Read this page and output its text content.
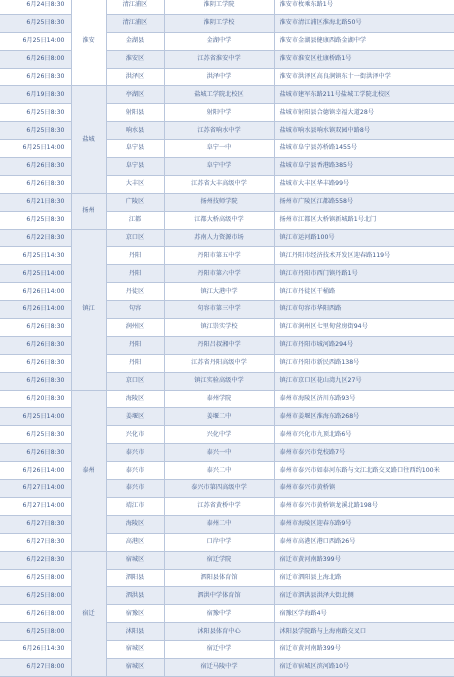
6月24日8:30	淮安	清江浦区	淮阴工学院	淮安市枚乘东路1号
6月25日8:30		清江浦区	淮阴工学校	淮安市清江浦区淮海北路50号
6月25日14:00		金湖县	金湖中学	淮安市金湖县健康西路金湖中学
6月26日8:00		淮安区	江苏省淮安中学	淮安市淮安区杜康桥路1号
6月26日8:30		洪泽区	洪泽中学	淮安市洪泽区高良涧镇东十一街洪泽中学
6月19日8:30	盐城	亭湖区	盐城工学院北校区	盐城市建军东路211号盐城工学院北校区
6月25日8:30		射阳县	射阳中学	盐城市射阳县合德镇幸福大道28号
6月25日8:30		响水县	江苏省响水中学	盐城市响水县响水镇双园中路8号
6月25日14:00		阜宁县	阜宁一中	盐城市阜宁县苏桥路1455号
6月26日8:30		阜宁县	阜宁中学	盐城市阜宁县香港路385号
6月26日8:30		大丰区	江苏省大丰高级中学	盐城市大丰区华丰路99号
6月21日8:30	扬州	广陵区	扬州技师学院	扬州市广陵区江都路558号
6月25日8:30		江都	江都大桥高级中学	扬州市江都区大桥镇新城路1号北门
6月22日8:30	镇江	京口区	苏南人力资源市场	镇江市运河路100号
6月25日14:30		丹阳	丹阳市第五中学	镇江丹阳市经济技术开发区迎春路119号
6月25日14:00		丹阳	丹阳市第六中学	镇江市丹阳市西门镇丹路1号
6月26日14:00		丹徒区	镇江大港中学	镇江市丹徒区干桶路
6月26日14:00		句容	句容市第三中学	镇江市句容市华阳西路
6月26日8:30		润州区	镇江崇实学校	镇江市润州区七里甸营房街94号
6月26日8:30		丹阳	丹阳吕叔湘中学	镇江市丹阳市城河路294号
6月26日8:30		丹阳	江苏省丹阳高级中学	镇江市丹阳市新民西路138号
6月26日8:30		京口区	镇江实验高级中学	镇江市京口区花山湾九区27号
6月20日8:30	泰州	海陵区	泰州学院	泰州市海陵区济川东路93号
6月25日14:00		姜堰区	姜堰二中	泰州市姜堰区淮海东路268号
6月25日8:30		兴化市	兴化中学	泰州市兴化市九顶北路6号
6月26日8:30		泰兴市	泰兴一中	泰州市泰兴市党校路7号
6月26日14:00		泰兴市	泰兴二中	泰州市泰兴市如泰河东路与文江北路交叉路口往西约100米
6月27日14:00		泰兴市	泰兴市第四高级中学	泰州市泰兴市黄桥镇
6月27日14:00		靖江市	江苏省黄桥中学	泰州市泰兴市黄桥镇龙溪北路198号
6月27日8:30		海陵区	泰州二中	泰州市海陵区迎春东路9号
6月27日8:30		高港区	口岸中学	泰州市高港区港口西路26号
6月22日8:30	宿迁	宿城区	宿迁学院	宿迁市黄河南路399号
6月25日8:00		泗阳县	泗阳县体育馆	宿迁市泗阳县上海北路
6月25日8:00		泗洪县	泗洪中学体育馆	宿迁市泗洪县洪泽大街北侧
6月26日8:00		宿豫区	宿豫中学	宿豫区学海路4号
6月25日8:00		沭阳县	沭阳县体育中心	沭阳县学院路与上海南路交叉口
6月26日14:30		宿城区	宿迁中学	宿迁市黄河南路399号
6月27日8:00		宿城区	宿迁马陵中学	宿迁市宿城区滨河路10号
